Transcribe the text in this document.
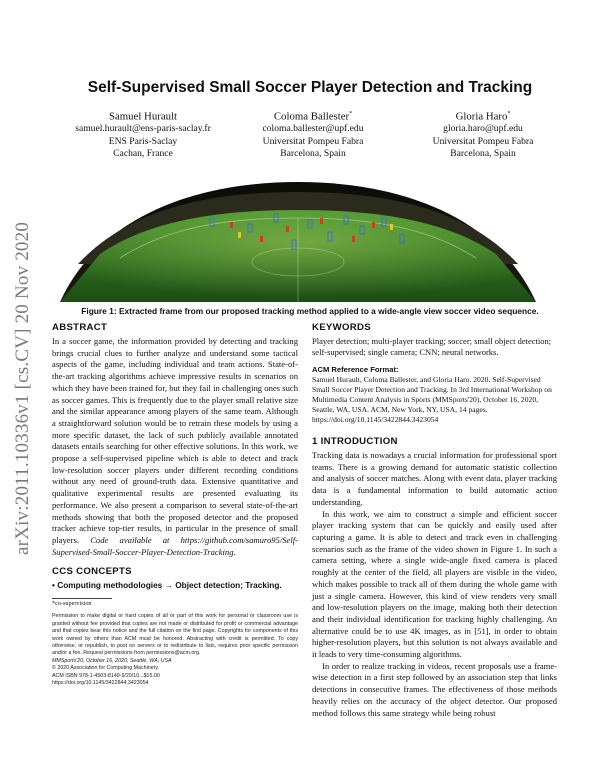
arXiv:2011.10336v1 [cs.CV] 20 Nov 2020
Self-Supervised Small Soccer Player Detection and Tracking
Samuel Hurault
samuel.hurault@ens-paris-saclay.fr
ENS Paris-Saclay
Cachan, France
Coloma Ballester*
coloma.ballester@upf.edu
Universitat Pompeu Fabra
Barcelona, Spain
Gloria Haro*
gloria.haro@upf.edu
Universitat Pompeu Fabra
Barcelona, Spain
Figure 1: Extracted frame from our proposed tracking method applied to a wide-angle view soccer video sequence.
ABSTRACT

In a soccer game, the information provided by detecting and tracking brings crucial clues to further analyze and understand some tactical aspects of the game, including individual and team actions. State-of-the-art tracking algorithms achieve impressive results in scenarios on which they have been trained for, but they fail in challenging ones such as soccer games. This is frequently due to the player small relative size and the similar appearance among players of the same team. Although a straightforward solution would be to retrain these models by using a more specific dataset, the lack of such publicly available annotated datasets entails searching for other effective solutions. In this work, we propose a self-supervised pipeline which is able to detect and track low-resolution soccer players under different recording conditions without any need of ground-truth data. Extensive quantitative and qualitative experimental results are presented evaluating its performance. We also present a comparison to several state-of-the-art methods showing that both the proposed detector and the proposed tracker achieve top-tier results, in particular in the presence of small players. Code available at https://github.com/samuro95/Self-Supervised-Small-Soccer-Player-Detection-Tracking.

CCS CONCEPTS
• Computing methodologies → Object detection; Tracking.
*co-supervision
Permission to make digital or hard copies of all or part of this work for personal or classroom use is granted without fee provided that copies are not made or distributed for profit or commercial advantage and that copies bear this notice and the full citation on the first page. Copyrights for components of this work owned by others than ACM must be honored. Abstracting with credit is permitted. To copy otherwise, or republish, to post on servers or to redistribute to lists, requires prior specific permission and/or a fee. Request permissions from permissions@acm.org.
MMSports'20, October 16, 2020, Seattle, WA, USA
© 2020 Association for Computing Machinery.
ACM ISBN 978-1-4503-8149-9/20/10...$15.00
https://doi.org/10.1145/3422844.3423054
KEYWORDS

Player detection; multi-player tracking; soccer; small object detection; self-supervised; single camera; CNN; neural networks.

ACM Reference Format:

Samuel Hurault, Coloma Ballester, and Gloria Haro. 2020. Self-Supervised Small Soccer Player Detection and Tracking. In 3rd International Workshop on Multimedia Content Analysis in Sports (MMSports'20), October 16, 2020, Seattle, WA, USA. ACM, New York, NY, USA, 14 pages. https://doi.org/10.1145/3422844.3423054

1 INTRODUCTION

Tracking data is nowadays a crucial information for professional sport teams. There is a growing demand for automatic statistic collection and analysis of soccer matches. Along with event data, player tracking data is a fundamental information to build automatic action understanding.

In this work, we aim to construct a simple and efficient soccer player tracking system that can be quickly and easily used after capturing a game. It is able to detect and track even in challenging scenarios such as the frame of the video shown in Figure 1. In such a camera setting, where a single wide-angle fixed camera is placed roughly at the center of the field, all players are visible in the video, which makes possible to track all of them during the whole game with just a single camera. However, this kind of view renders very small and low-resolution players on the image, making both their detection and their individual identification for tracking highly challenging. An alternative could be to use 4K images, as in [51], in order to obtain higher-resolution players, but this solution is not always available and it leads to very time-consuming algorithms.

In order to realize tracking in videos, recent proposals use a frame-wise detection in a first step followed by an association step that links detections in consecutive frames. The effectiveness of those methods heavily relies on the accuracy of the object detector. Our proposed method follows this same strategy while being robust
